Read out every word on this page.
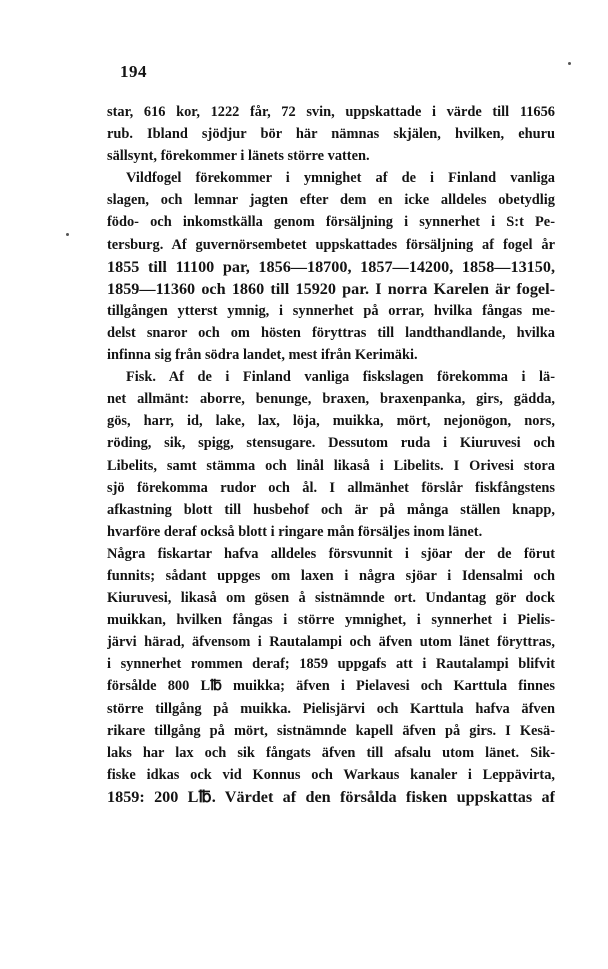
194
star, 616 kor, 1222 får, 72 svin, uppskattade i värde till 11656
rub. Ibland sjödjur bör här nämnas skjälen, hvilken, ehuru
sällsynt, förekommer i länets större vatten.
Vildfogel förekommer i ymnighet af de i Finland vanliga
slagen, och lemnar jagten efter dem en icke alldeles obetydlig
födo- och inkomstkälla genom försäljning i synnerhet i S:t Pe-
tersburg. Af guvernörsembetet uppskattades försäljning af fogel år
1855 till 11100 par, 1856—18700, 1857—14200, 1858—13150,
1859—11360 och 1860 till 15920 par. I norra Karelen är fogel-
tillgången ytterst ymnig, i synnerhet på orrar, hvilka fångas me-
delst snaror och om hösten föryttras till landthandlande, hvilka
infinna sig från södra landet, mest ifrån Kerimäki.
Fisk. Af de i Finland vanliga fiskslagen förekomma i lä-
net allmänt: aborre, benunge, braxen, braxenpanka, girs, gädda,
gös, harr, id, lake, lax, löja, muikka, mört, nejonögon, nors,
röding, sik, spigg, stensugare. Dessutom ruda i Kiuruvesi och
Libelits, samt stämma och linål likaså i Libelits. I Orivesi stora
sjö förekomma rudor och ål. I allmänhet förslår fiskfångstens
afkastning blott till husbehof och är på många ställen knapp,
hvarföre deraf också blott i ringare mån försäljes inom länet.
Några fiskartar hafva alldeles försvunnit i sjöar der de förut
funnits; sådant uppges om laxen i några sjöar i Idensalmi och
Kiuruvesi, likaså om gösen å sistnämnde ort. Undantag gör dock
muikkan, hvilken fångas i större ymnighet, i synnerhet i Pielis-
järvi härad, äfvensom i Rautalampi och äfven utom länet föryttras,
i synnerhet rommen deraf; 1859 uppgafs att i Rautalampi blifvit
försålde 800 L℔ muikka; äfven i Pielavesi och Karttula finnes
större tillgång på muikka. Pielisjärvi och Karttula hafva äfven
rikare tillgång på mört, sistnämnde kapell äfven på girs. I Kesä-
laks har lax och sik fångats äfven till afsalu utom länet. Sik-
fiske idkas ock vid Konnus och Warkaus kanaler i Leppävirta,
1859: 200 L℔. Värdet af den försålda fisken uppskattas af
